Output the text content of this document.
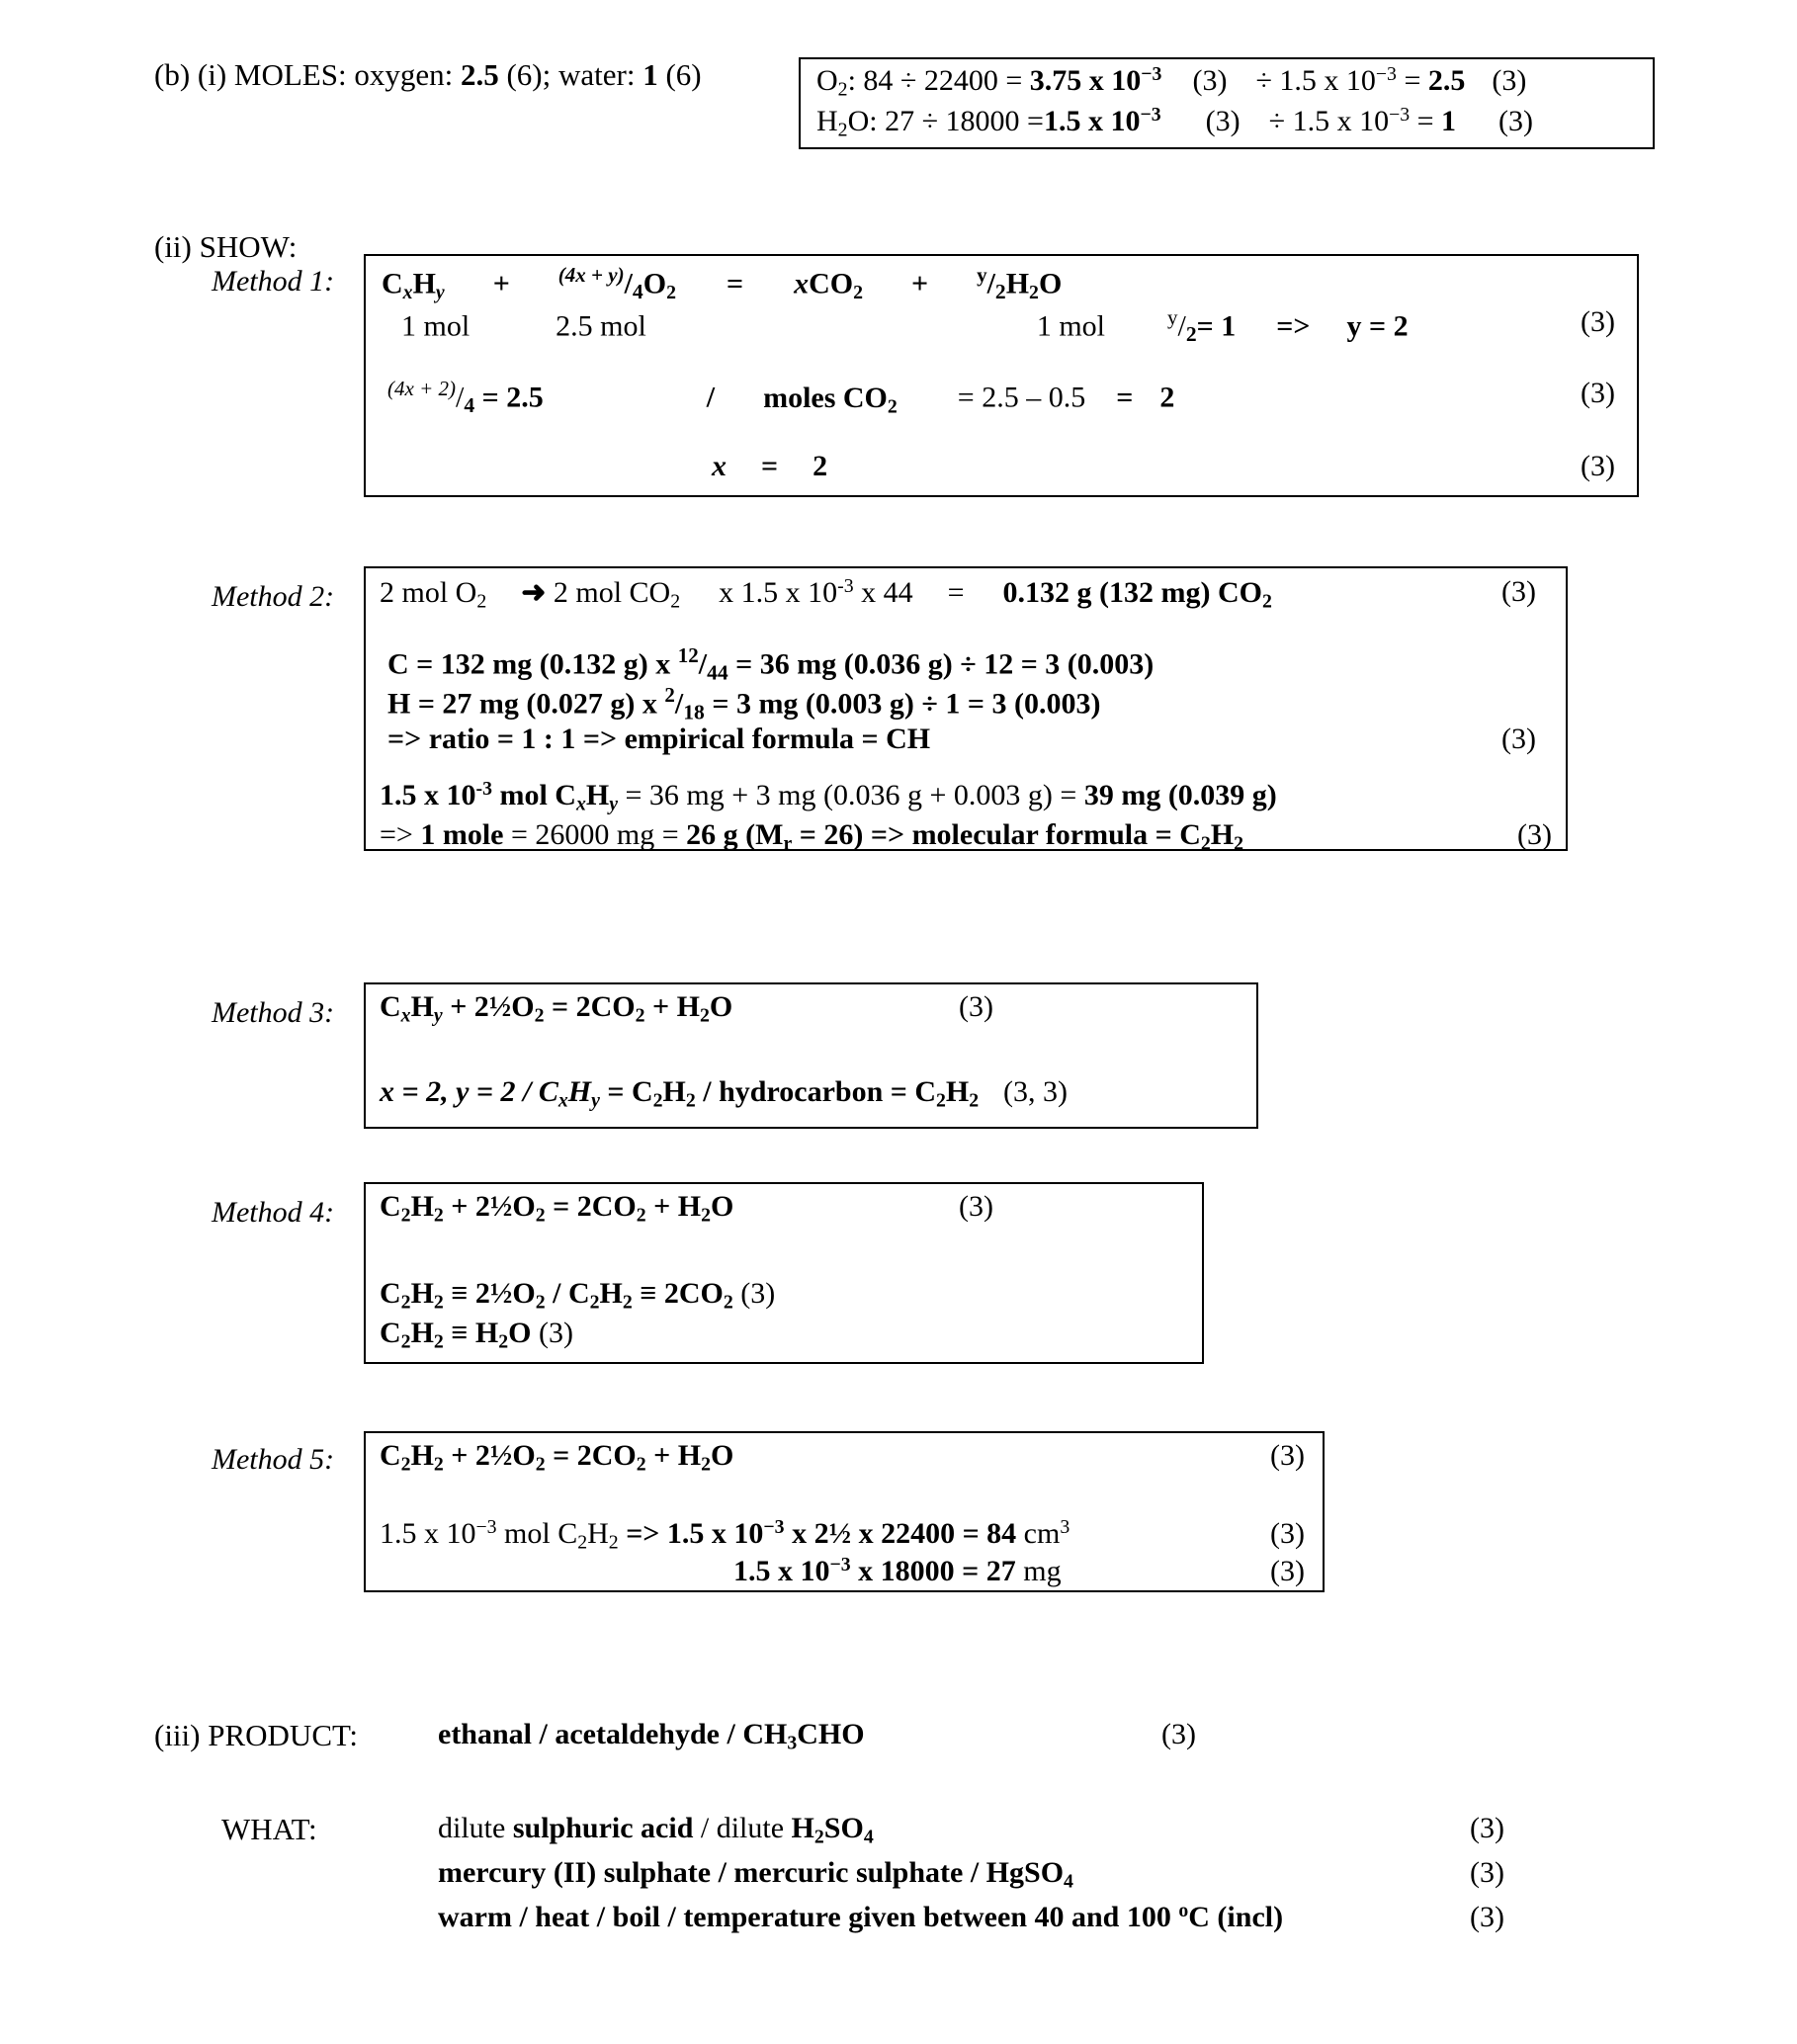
(b) (i) MOLES: oxygen: 2.5 (6); water: 1 (6)	$O_2$: 84 ÷ 22400 = 3.75 x $10^{-3}$ (3) ÷ 1.5 x $10^{-3} = 2.5$ (3)
$H_2O$: 27 ÷ 18000 =1.5 x $10^{-3}$ (3) ÷ 1.5 x $10^{-3} = 1$ (3)
(ii) SHOW:
Method 1: $C_xH_y + ^{(4x + y)}/4O_2 = xCO_2 + ^y/2H_2O$
1 mol	2.5 mol	1 mol	$^y$/2= 1 => y = 2	(3)
$^{(4x + 2)}$/4 = 2.5	/ moles $CO_2 = 2.5 - 0.5 = 2$	(3)
x = 2	(3)
Method 2: 2 mol $O_2$ ➜ 2 mol $CO_2$ x 1.5 x $10^{-3}$ x 44 = 0.132 g (132 mg) $CO_2$	(3)
C = 132 mg (0.132 g) x $^{12}/_{44} = 36$ mg (0.036 g) ÷ 12 = 3 (0.003)
H = 27 mg (0.027 g) x $^2/_{18} = 3$ mg (0.003 g) ÷ 1 = 3 (0.003)
=> ratio = 1 : 1 => empirical formula = CH	(3)
1.5 x $10^{-3}$ mol $C_xH_y = 36$ mg + 3 mg (0.036 g + 0.003 g) = 39 mg (0.039 g)
=> 1 mole = 26000 mg = 26 g $(M_r = 26)$ => molecular formula = $C_2H_2$	(3)
Method 3: $C_xH_y$ + $2\frac{1}{2}O_2 = 2CO_2 + H_2O$	(3)
x = 2, $y = 2 / C_xH_y = C_2H_2$ / hydrocarbon = $C_2H_2$ (3, 3)
Method 4: $C_2H_2$ + $2\frac{1}{2}O_2 = 2CO_2 + H_2O$	(3)
$C_2H_2$ ≡ $2\frac{1}{2}O_2 / C_2H_2 \equiv 2CO_2$ (3)
$C_2H_2 \equiv H_2O$ (3)
Method 5: $C_2H_2$ + $2\frac{1}{2}O_2 = 2CO_2 + H_2O$	(3)
1.5 x $10^{-3}$ mol $C_2H_2 => 1.5$ x $10^{-3}$ x 2½ x 22400 = 84 $cm^3$	(3)
1.5 x $10^{-3}$ x 18000 = 27 mg	(3)
(iii) PRODUCT:	ethanal / acetaldehyde / $CH_3CHO$	(3)
WHAT:	dilute sulphuric acid / dilute $H_2SO_4$	(3)
mercury (II) sulphate / mercuric sulphate / HgSO$_4$	(3)
warm / heat / boil / temperature given between 40 and 100 $^o$C (incl)	(3)
